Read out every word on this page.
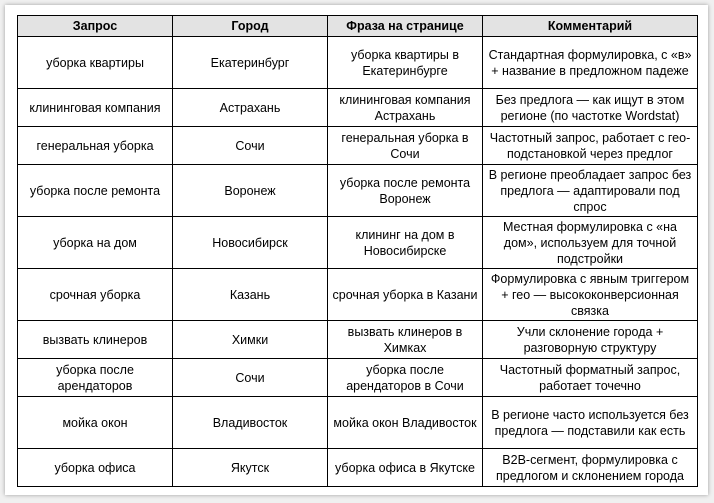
Запрос	Город	Фраза на странице	Комментарий
уборка квартиры	Екатеринбург	уборка квартиры в Екатеринбурге	Стандартная формулировка, с «в» + название в предложном падеже
клининговая компания	Астрахань	клининговая компания Астрахань	Без предлога — как ищут в этом регионе (по частотке Wordstat)
генеральная уборка	Сочи	генеральная уборка в Сочи	Частотный запрос, работает с гео-подстановкой через предлог
уборка после ремонта	Воронеж	уборка после ремонта Воронеж	В регионе преобладает запрос без предлога — адаптировали под спрос
уборка на дом	Новосибирск	клининг на дом в Новосибирске	Местная формулировка с «на дом», используем для точной подстройки
срочная уборка	Казань	срочная уборка в Казани	Формулировка с явным триггером + гео — высококонверсионная связка
вызвать клинеров	Химки	вызвать клинеров в Химках	Учли склонение города + разговорную структуру
уборка после арендаторов	Сочи	уборка после арендаторов в Сочи	Частотный форматный запрос, работает точечно
мойка окон	Владивосток	мойка окон Владивосток	В регионе часто используется без предлога — подставили как есть
уборка офиса	Якутск	уборка офиса в Якутске	B2B-сегмент, формулировка с предлогом и склонением города
